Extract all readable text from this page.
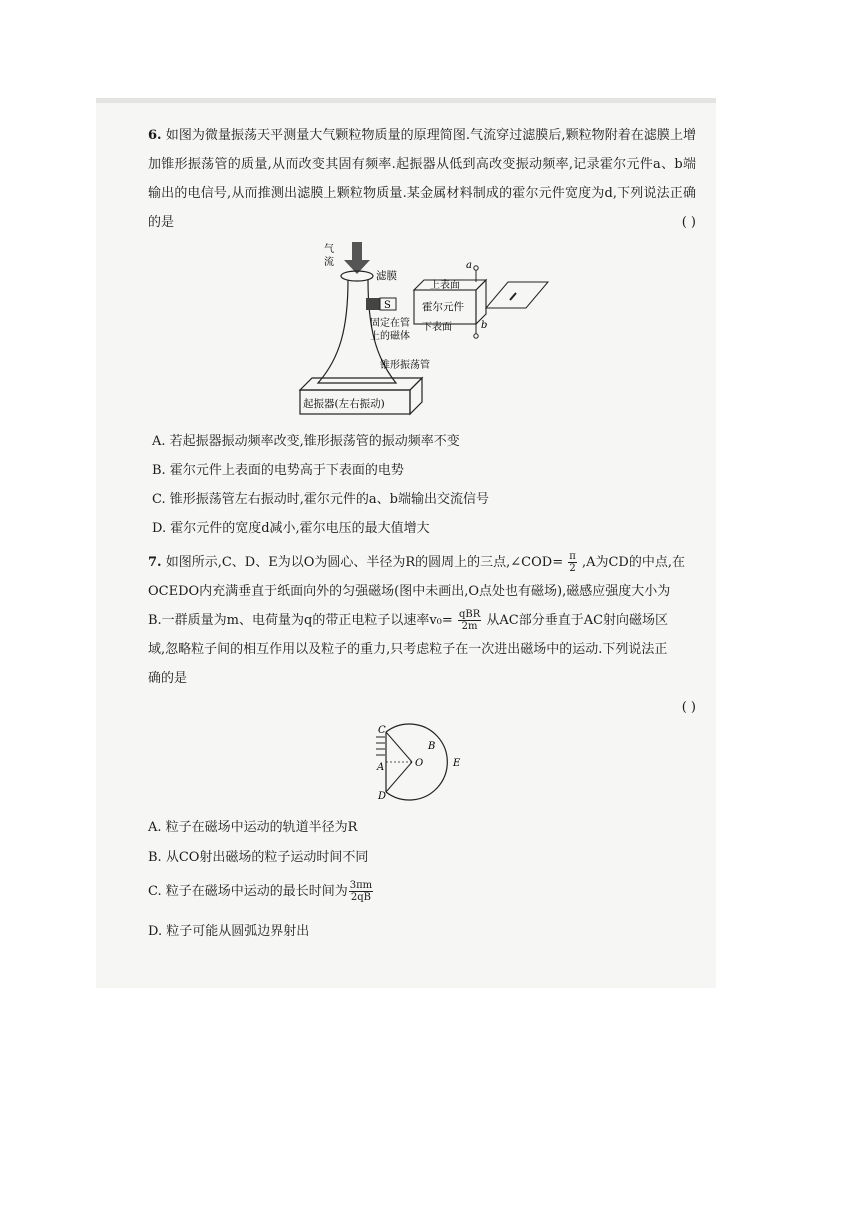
6. 如图为微量振荡天平测量大气颗粒物质量的原理简图.气流穿过滤膜后,颗粒物附着在滤膜上增加锥形振荡管的质量,从而改变其固有频率.起振器从低到高改变振动频率,记录霍尔元件a、b端输出的电信号,从而推测出滤膜上颗粒物质量.某金属材料制成的霍尔元件宽度为d,下列说法正确的是	( )
气
流
滤膜
S
固定在管
上的磁体
锥形振荡管
起振器(左右振动)
上表面
霍尔元件
下表面
a
b
A. 若起振器振动频率改变,锥形振荡管的振动频率不变
B. 霍尔元件上表面的电势高于下表面的电势
C. 锥形振荡管左右振动时,霍尔元件的a、b端输出交流信号
D. 霍尔元件的宽度d减小,霍尔电压的最大值增大

7. 如图所示,C、D、E为以O为圆心、半径为R的圆周上的三点,∠COD= $\frac{\pi}{2} ,A$为CD的中点,在

OCEDO内充满垂直于纸面向外的匀强磁场(图中未画出,O点处也有磁场),磁感应强度大小为

B.一群质量为m、电荷量为q的带正电粒子以速率$v_0= \frac{\text{qBR}}{2m}$ 从AC部分垂直于AC射向磁场区

域,忽略粒子间的相互作用以及粒子的重力,只考虑粒子在一次进出磁场中的运动.下列说法正

确的是

( )
C
A
D
O
B
E
A. 粒子在磁场中运动的轨道半径为R
B. 从CO射出磁场的粒子运动时间不同
C. 粒子在磁场中运动的最长时间为 $\frac{3\pi m}{2qB}$
D. 粒子可能从圆弧边界射出
